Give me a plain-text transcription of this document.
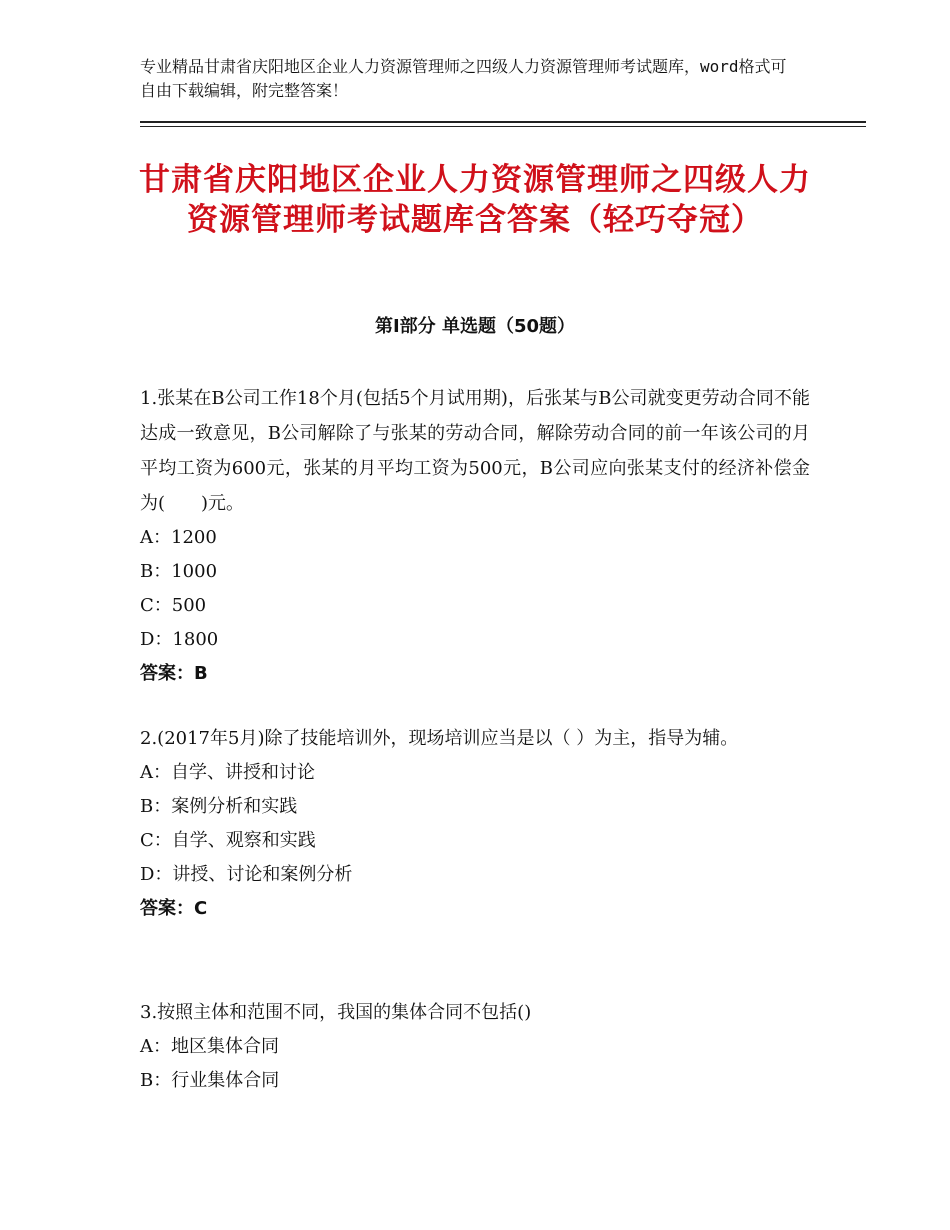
专业精品甘肃省庆阳地区企业人力资源管理师之四级人力资源管理师考试题库，word格式可自由下载编辑，附完整答案！
甘肃省庆阳地区企业人力资源管理师之四级人力资源管理师考试题库含答案（轻巧夺冠）
第Ⅰ部分 单选题（50题）

1.张某在B公司工作18个月(包括5个月试用期)，后张某与B公司就变更劳动合同不能达成一致意见，B公司解除了与张某的劳动合同，解除劳动合同的前一年该公司的月平均工资为600元，张某的月平均工资为500元，B公司应向张某支付的经济补偿金为(　　)元。

A：1200

B：1000

C：500

D：1800

答案：B

2.(2017年5月)除了技能培训外，现场培训应当是以（ ）为主，指导为辅。

A：自学、讲授和讨论

B：案例分析和实践

C：自学、观察和实践

D：讲授、讨论和案例分析

答案：C

3.按照主体和范围不同，我国的集体合同不包括()

A：地区集体合同

B：行业集体合同
